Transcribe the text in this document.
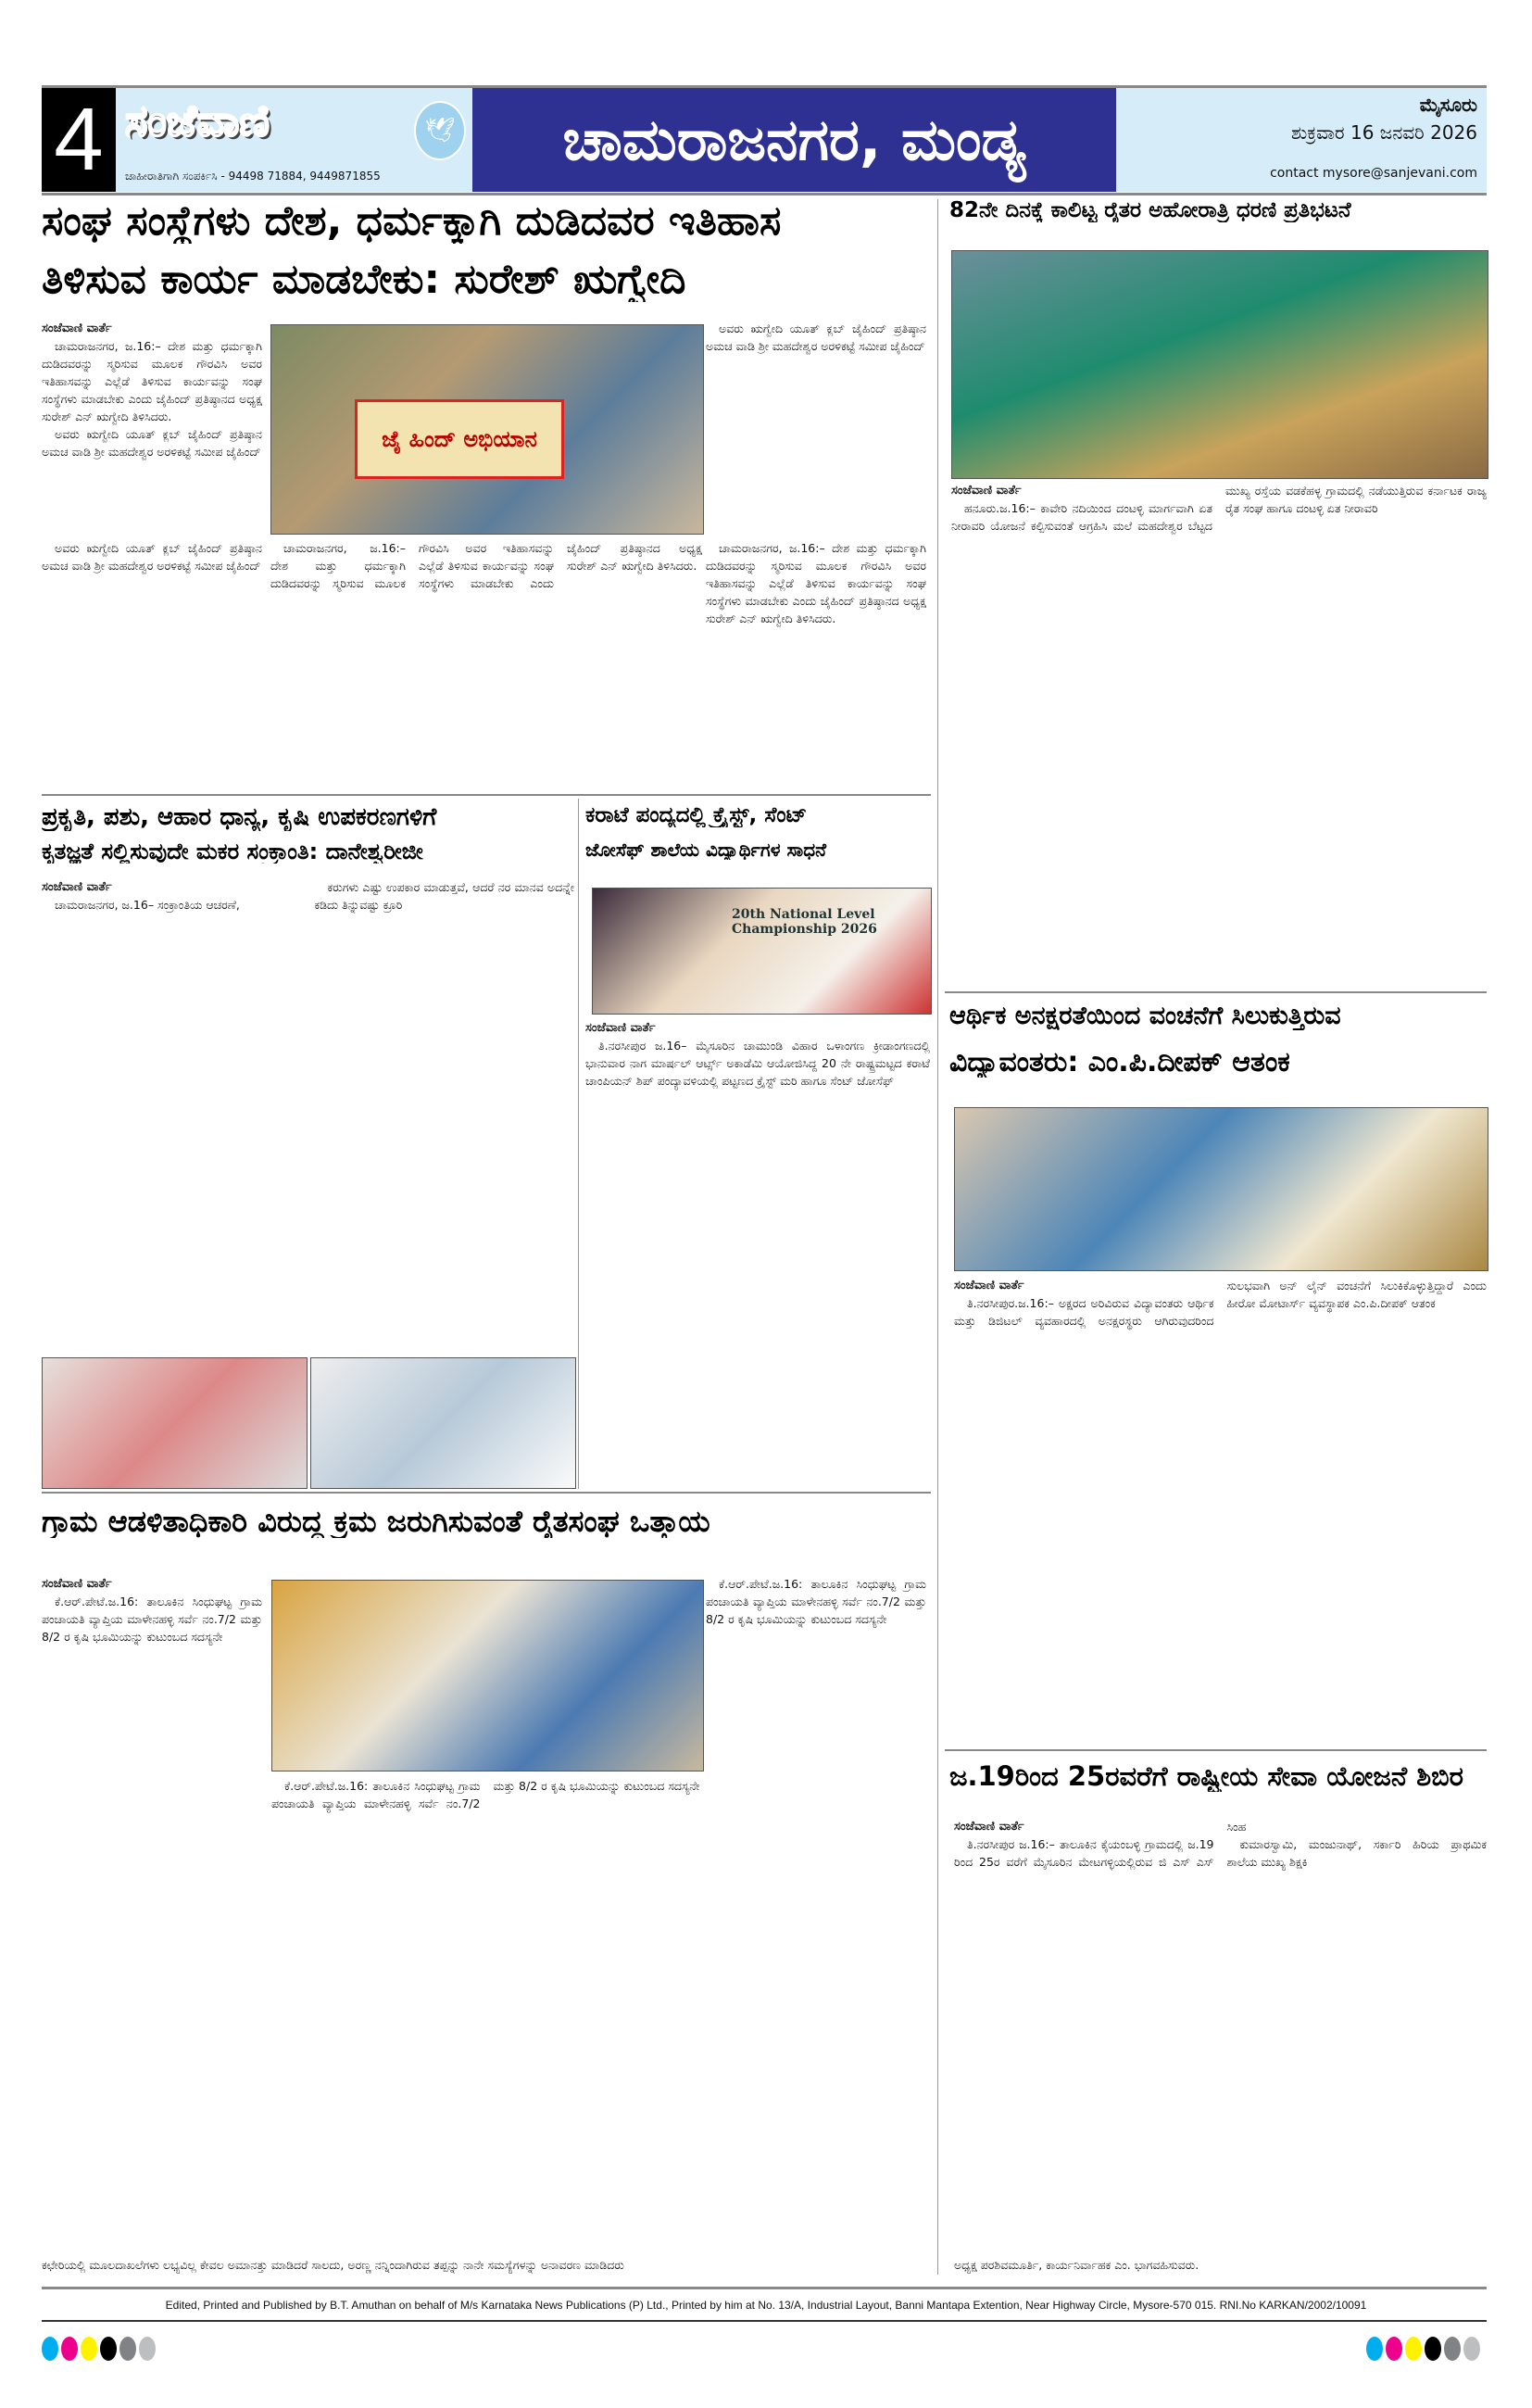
4 ಸಂಜೆವಾಣಿ	🕊
ಜಾಹೀರಾತಿಗಾಗಿ ಸಂಪರ್ಕಿಸಿ - 94498 71884, 9449871855
ಚಾಮರಾಜನಗರ, ಮಂಡ್ಯ
ಮೈಸೂರು
ಶುಕ್ರವಾರ 16 ಜನವರಿ 2026
contact mysore@sanjevani.com
ಸಂಘ ಸಂಸ್ಥೆಗಳು ದೇಶ, ಧರ್ಮಕ್ಕಾಗಿ ದುಡಿದವರ ಇತಿಹಾಸ
ತಿಳಿಸುವ ಕಾರ್ಯ ಮಾಡಬೇಕು: ಸುರೇಶ್ ಋಗ್ವೇದಿ

ಸಂಜೆವಾಣಿ ವಾರ್ತೆ

ಚಾಮರಾಜನಗರ, ಜ.16:– ದೇಶ ಮತ್ತು ಧರ್ಮಕ್ಕಾಗಿ ದುಡಿದವರನ್ನು ಸ್ಮರಿಸುವ ಮೂಲಕ ಗೌರವಿಸಿ ಅವರ ಇತಿಹಾಸವನ್ನು ಎಲ್ಲೆಡೆ ತಿಳಿಸುವ ಕಾರ್ಯವನ್ನು ಸಂಘ ಸಂಸ್ಥೆಗಳು ಮಾಡಬೇಕು ಎಂದು ಜೈಹಿಂದ್ ಪ್ರತಿಷ್ಠಾನದ ಅಧ್ಯಕ್ಷ ಸುರೇಶ್ ಎನ್ ಋಗ್ವೇದಿ ತಿಳಿಸಿದರು.

ಅವರು ಋಗ್ವೇದಿ ಯೂತ್ ಕ್ಲಬ್ ಜೈಹಿಂದ್ ಪ್ರತಿಷ್ಠಾನ ಅಮಚ ವಾಡಿ ಶ್ರೀ ಮಹದೇಶ್ವರ ಅರಳಿಕಟ್ಟೆ ಸಮೀಪ ಜೈಹಿಂದ್	ಜೈ ಹಿಂದ್ ಅಭಿಯಾನ

ಅವರು ಋಗ್ವೇದಿ ಯೂತ್ ಕ್ಲಬ್ ಜೈಹಿಂದ್ ಪ್ರತಿಷ್ಠಾನ ಅಮಚ ವಾಡಿ ಶ್ರೀ ಮಹದೇಶ್ವರ ಅರಳಿಕಟ್ಟೆ ಸಮೀಪ ಜೈಹಿಂದ್

ಚಾಮರಾಜನಗರ, ಜ.16:– ದೇಶ ಮತ್ತು ಧರ್ಮಕ್ಕಾಗಿ ದುಡಿದವರನ್ನು ಸ್ಮರಿಸುವ ಮೂಲಕ ಗೌರವಿಸಿ ಅವರ ಇತಿಹಾಸವನ್ನು ಎಲ್ಲೆಡೆ ತಿಳಿಸುವ ಕಾರ್ಯವನ್ನು ಸಂಘ ಸಂಸ್ಥೆಗಳು ಮಾಡಬೇಕು ಎಂದು ಜೈಹಿಂದ್ ಪ್ರತಿಷ್ಠಾನದ ಅಧ್ಯಕ್ಷ ಸುರೇಶ್ ಎನ್ ಋಗ್ವೇದಿ ತಿಳಿಸಿದರು.

ಅವರು ಋಗ್ವೇದಿ ಯೂತ್ ಕ್ಲಬ್ ಜೈಹಿಂದ್ ಪ್ರತಿಷ್ಠಾನ ಅಮಚ ವಾಡಿ ಶ್ರೀ ಮಹದೇಶ್ವರ ಅರಳಿಕಟ್ಟೆ ಸಮೀಪ ಜೈಹಿಂದ್

ಚಾಮರಾಜನಗರ, ಜ.16:– ದೇಶ ಮತ್ತು ಧರ್ಮಕ್ಕಾಗಿ ದುಡಿದವರನ್ನು ಸ್ಮರಿಸುವ ಮೂಲಕ ಗೌರವಿಸಿ ಅವರ ಇತಿಹಾಸವನ್ನು ಎಲ್ಲೆಡೆ ತಿಳಿಸುವ ಕಾರ್ಯವನ್ನು ಸಂಘ ಸಂಸ್ಥೆಗಳು ಮಾಡಬೇಕು ಎಂದು ಜೈಹಿಂದ್ ಪ್ರತಿಷ್ಠಾನದ ಅಧ್ಯಕ್ಷ ಸುರೇಶ್ ಎನ್ ಋಗ್ವೇದಿ ತಿಳಿಸಿದರು.

82ನೇ ದಿನಕ್ಕೆ ಕಾಲಿಟ್ಟ ರೈತರ ಅಹೋರಾತ್ರಿ ಧರಣಿ ಪ್ರತಿಭಟನೆ

ಸಂಜೆವಾಣಿ ವಾರ್ತೆ

ಹನೂರು.ಜ.16:– ಕಾವೇರಿ ನದಿಯಿಂದ ದಂಟಳ್ಳಿ ಮಾರ್ಗವಾಗಿ ಏತ ನೀರಾವರಿ ಯೋಜನೆ ಕಲ್ಪಿಸುವಂತೆ ಆಗ್ರಹಿಸಿ ಮಲೆ ಮಹದೇಶ್ವರ ಬೆಟ್ಟದ ಮುಖ್ಯ ರಸ್ತೆಯ ವಡಕೆಹಳ್ಳ ಗ್ರಾಮದಲ್ಲಿ ನಡೆಯುತ್ತಿರುವ ಕರ್ನಾಟಕ ರಾಜ್ಯ ರೈತ ಸಂಘ ಹಾಗೂ ದಂಟಳ್ಳಿ ಏತ ನೀರಾವರಿ

ಪ್ರಕೃತಿ, ಪಶು, ಆಹಾರ ಧಾನ್ಯ, ಕೃಷಿ ಉಪಕರಣಗಳಿಗೆ
ಕೃತಜ್ಞತೆ ಸಲ್ಲಿಸುವುದೇ ಮಕರ ಸಂಕ್ರಾಂತಿ: ದಾನೇಶ್ವರೀಜೀ

ಸಂಜೆವಾಣಿ ವಾರ್ತೆ

ಚಾಮರಾಜನಗರ, ಜ.16– ಸಂಕ್ರಾಂತಿಯ ಆಚರಣೆ,

ಕರುಗಳು ಎಷ್ಟು ಉಪಕಾರ ಮಾಡುತ್ತವೆ, ಆದರೆ ನರ ಮಾನವ ಅದನ್ನೇ ಕಡಿದು ತಿನ್ನುವಷ್ಟು ಕ್ರೂರಿ

ಕರಾಟೆ ಪಂದ್ಯದಲ್ಲಿ ಕ್ರೈಸ್ಟ್, ಸೆಂಟ್
ಜೋಸೆಫ್ ಶಾಲೆಯ ವಿದ್ಯಾರ್ಥಿಗಳ ಸಾಧನೆ
20th National Level Championship 2026

ಸಂಜೆವಾಣಿ ವಾರ್ತೆ

ತಿ.ನರಸೀಪುರ ಜ.16– ಮೈಸೂರಿನ ಚಾಮುಂಡಿ ವಿಹಾರ ಒಳಾಂಗಣ ಕ್ರೀಡಾಂಗಣದಲ್ಲಿ ಭಾನುವಾರ ನಾಗ ಮಾರ್ಷಲ್ ಆರ್ಟ್ಸ್ ಅಕಾಡೆಮಿ ಆಯೋಜಿಸಿದ್ದ 20 ನೇ ರಾಷ್ಟ್ರಮಟ್ಟದ ಕರಾಟೆ ಚಾಂಪಿಯನ್ ಶಿಪ್ ಪಂದ್ಯಾವಳಿಯಲ್ಲಿ ಪಟ್ಟಣದ ಕ್ರೈಸ್ಟ್ ಮರಿ ಹಾಗೂ ಸೆಂಟ್ ಜೋಸೆಫ್

ಆರ್ಥಿಕ ಅನಕ್ಷರತೆಯಿಂದ ವಂಚನೆಗೆ ಸಿಲುಕುತ್ತಿರುವ
ವಿದ್ಯಾವಂತರು: ಎಂ.ಪಿ.ದೀಪಕ್ ಆತಂಕ

ಸಂಜೆವಾಣಿ ವಾರ್ತೆ

ತಿ.ನರಸೀಪುರ.ಜ.16:– ಅಕ್ಷರದ ಅರಿವಿರುವ ವಿದ್ಯಾವಂತರು ಆರ್ಥಿಕ ಮತ್ತು ಡಿಜಿಟಲ್ ವ್ಯವಹಾರದಲ್ಲಿ ಅನಕ್ಷರಸ್ಥರು ಆಗಿರುವುದರಿಂದ ಸುಲಭವಾಗಿ ಅನ್ ಲೈನ್ ವಂಚನೆಗೆ ಸಿಲುಕಿಕೊಳ್ಳುತ್ತಿದ್ದಾರೆ ಎಂದು ಹೀರೋ ಮೋಟಾರ್ಸ್ ವ್ಯವಸ್ಥಾಪಕ ಎಂ.ಪಿ.ದೀಪಕ್ ಆತಂಕ

ಗ್ರಾಮ ಆಡಳಿತಾಧಿಕಾರಿ ವಿರುದ್ಧ ಕ್ರಮ ಜರುಗಿಸುವಂತೆ ರೈತಸಂಘ ಒತ್ತಾಯ

ಸಂಜೆವಾಣಿ ವಾರ್ತೆ

ಕೆ.ಆರ್.ಪೇಟೆ.ಜ.16: ತಾಲೂಕಿನ ಸಿಂಧುಘಟ್ಟ ಗ್ರಾಮ ಪಂಚಾಯತಿ ವ್ಯಾಪ್ತಿಯ ಮಾಳೇನಹಳ್ಳಿ ಸರ್ವೆ ನಂ.7/2 ಮತ್ತು 8/2 ರ ಕೃಷಿ ಭೂಮಿಯನ್ನು ಕುಟುಂಬದ ಸದಸ್ಯನೇ

ಕೆ.ಆರ್.ಪೇಟೆ.ಜ.16: ತಾಲೂಕಿನ ಸಿಂಧುಘಟ್ಟ ಗ್ರಾಮ ಪಂಚಾಯತಿ ವ್ಯಾಪ್ತಿಯ ಮಾಳೇನಹಳ್ಳಿ ಸರ್ವೆ ನಂ.7/2 ಮತ್ತು 8/2 ರ ಕೃಷಿ ಭೂಮಿಯನ್ನು ಕುಟುಂಬದ ಸದಸ್ಯನೇ

ಕೆ.ಆರ್.ಪೇಟೆ.ಜ.16: ತಾಲೂಕಿನ ಸಿಂಧುಘಟ್ಟ ಗ್ರಾಮ ಪಂಚಾಯತಿ ವ್ಯಾಪ್ತಿಯ ಮಾಳೇನಹಳ್ಳಿ ಸರ್ವೆ ನಂ.7/2 ಮತ್ತು 8/2 ರ ಕೃಷಿ ಭೂಮಿಯನ್ನು ಕುಟುಂಬದ ಸದಸ್ಯನೇ

ಕಛೇರಿಯಲ್ಲಿ ಮೂಲದಾಖಲೆಗಳು ಲಭ್ಯವಿಲ್ಲ ಕೇವಲ ಅಮಾನತ್ತು ಮಾಡಿದರೆ ಸಾಲದು, ಅರಣ್ಣ ನನ್ನಿಂದಾಗಿರುವ ತಪ್ಪನ್ನು ನಾನೇ ಸಮಸ್ಯೆಗಳನ್ನು ಅನಾವರಣ ಮಾಡಿದರು
ಜ.19ರಿಂದ 25ರವರೆಗೆ ರಾಷ್ಟ್ರೀಯ ಸೇವಾ ಯೋಜನೆ ಶಿಬಿರ

ಸಂಜೆವಾಣಿ ವಾರ್ತೆ

ತಿ.ನರಸೀಪುರ ಜ.16:– ತಾಲೂಕಿನ ಕೈಯಂಬಳ್ಳಿ ಗ್ರಾಮದಲ್ಲಿ ಜ.19 ರಿಂದ 25ರ ವರೆಗೆ ಮೈಸೂರಿನ ಮೇಟಗಳ್ಳಿಯಲ್ಲಿರುವ ಜಿ ಎಸ್ ಎಸ್ ಸಿಂಹ

ಕುಮಾರಸ್ವಾಮಿ, ಮಂಜುನಾಥ್, ಸರ್ಕಾರಿ ಹಿರಿಯ ಪ್ರಾಥಮಿಕ ಶಾಲೆಯ ಮುಖ್ಯ ಶಿಕ್ಷಕಿ

ಅಧ್ಯಕ್ಷ ಪರಶಿವಮೂರ್ತಿ, ಕಾರ್ಯನಿರ್ವಾಹಕ ಎಂ. ಭಾಗವಹಿಸುವರು.
Edited, Printed and Published by B.T. Amuthan on behalf of M/s Karnataka News Publications (P) Ltd., Printed by him at No. 13/A, Industrial Layout, Banni Mantapa Extention, Near Highway Circle, Mysore-570 015. RNI.No KARKAN/2002/10091
